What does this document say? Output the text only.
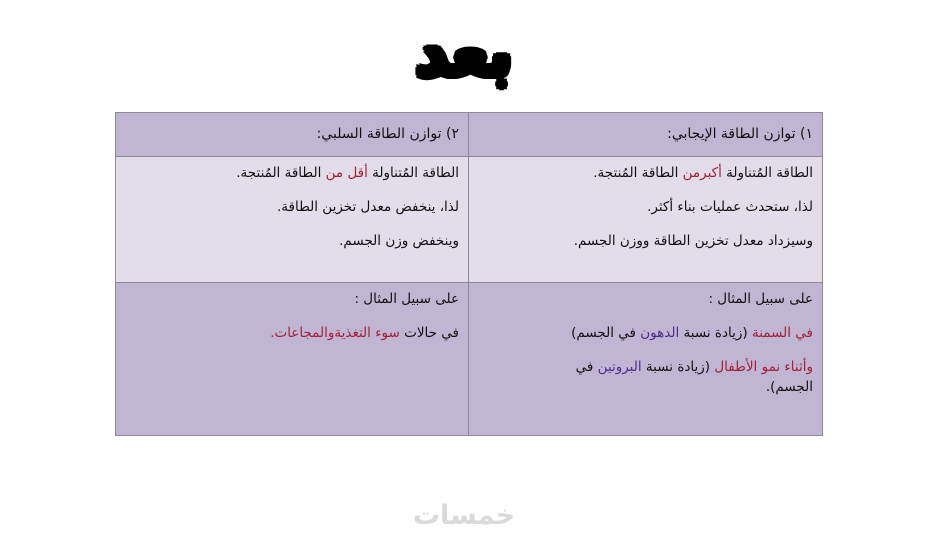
بعد
١) توازن الطاقة الإيجابي:
٢) توازن الطاقة السلبي:
الطاقة المُتناولة أكبرمن الطاقة المُنتجة.
لذا، ستحدث عمليات بناء أكثر.
وسيزداد معدل تخزين الطاقة ووزن الجسم.
الطاقة المُتناولة أقل من الطاقة المُنتجة.
لذا، ينخفض معدل تخزين الطاقة.
وينخفض وزن الجسم.
على سبيل المثال :
في السمنة (زيادة نسبة الدهون في الجسم)
وأثناء نمو الأطفال (زيادة نسبة البروتين في
الجسم).
على سبيل المثال :
في حالات سوء التغذيةوالمجاعات.
خمسات
